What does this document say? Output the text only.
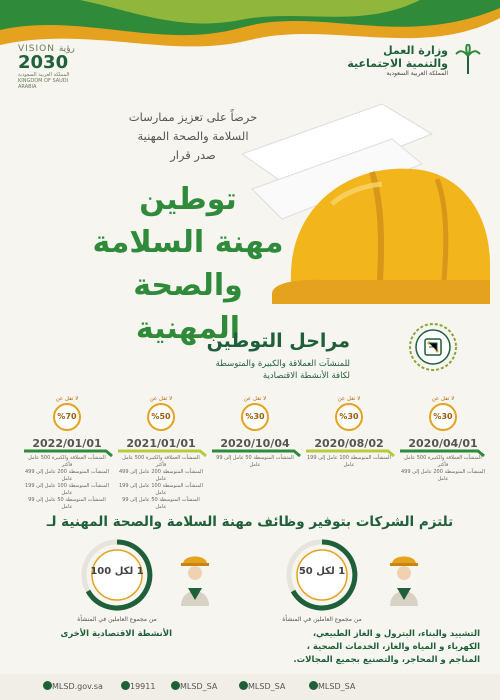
VISION رؤية
2030
المملكة العربية السعودية KINGDOM OF SAUDI ARABIA
وزارة العمل
والتنمية الاجتماعية
المملكة العربية السعودية
حرصاً على تعزيز ممارسات
السلامة والصحة المهنية
صدر قرار
توطين
مهنة السلامة
والصحة المهنية
مراحل التوطين
للمنشآت العملاقة والكبيرة والمتوسطة
لكافة الأنشطة الاقتصادية
لا تقل عن
%30
2020/04/01
المنشآت العملاقة والكبيرة 500 عامل فأكثر
المنشآت المتوسطة 200 عامل إلى 499 عامل
لا تقل عن
%30
2020/08/02
المنشآت المتوسطة 100 عامل إلى 199 عامل
لا تقل عن
%30
2020/10/04
المنشآت المتوسطة 50 عامل إلى 99 عامل
لا تقل عن
%50
2021/01/01
المنشآت العملاقة والكبيرة 500 عامل فأكثر
المنشآت المتوسطة 200 عامل إلى 499 عامل
المنشآت المتوسطة 100 عامل إلى 199 عامل
المنشآت المتوسطة 50 عامل إلى 99 عامل
لا تقل عن
%70
2022/01/01
المنشآت العملاقة والكبيرة 500 عامل فأكثر
المنشآت المتوسطة 200 عامل إلى 499 عامل
المنشآت المتوسطة 100 عامل إلى 199 عامل
المنشآت المتوسطة 50 عامل إلى 99 عامل
تلتزم الشركات بتوفير وظائف مهنة السلامة والصحة المهنية لـ
1 لكل 50
من مجموع العاملين في المنشأة
التشييد والبناء، البترول و الغاز الطبيعي،
الكهرباء و المياه والغاز، الخدمات الصحية ،
المناجم و المحاجر، والتصنيع بجميع المجالات.
1 لكل 100
من مجموع العاملين في المنشأة
الأنشطة الاقتصادية الأخرى
MLSD.gov.sa	19911	MLSD_SA	MLSD_SA	MLSD_SA
